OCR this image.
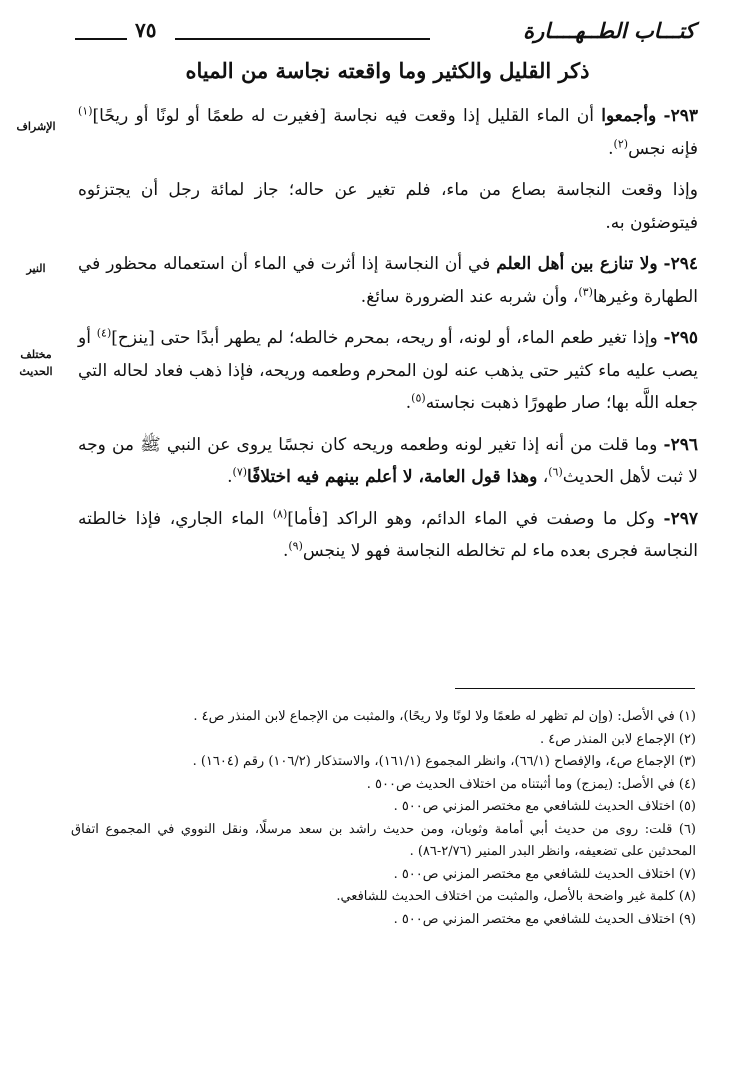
كتـــاب الطــهــــارة
٧٥
ذكر القليل والكثير وما واقعته نجاسة من المياه
الإشراف
النير
مختلف
الحديث

٢٩٣- وأجمعوا أن الماء القليل إذا وقعت فيه نجاسة [فغيرت له طعمًا أو لونًا أو ريحًا]$^{(١)}$ فإنه نجس$^{(٢)}$.

وإذا وقعت النجاسة بصاع من ماء، فلم تغير عن حاله؛ جاز لمائة رجل أن يجتزئوه فيتوضئون به.

٢٩٤- ولا تنازع بين أهل العلم في أن النجاسة إذا أثرت في الماء أن استعماله محظور في الطهارة وغيرها$^{(٣)}$، وأن شربه عند الضرورة سائغ.

٢٩٥- وإذا تغير طعم الماء، أو لونه، أو ريحه، بمحرم خالطه؛ لم يطهر أبدًا حتى [ينزح]$^{(٤)}$ أو يصب عليه ماء كثير حتى يذهب عنه لون المحرم وطعمه وريحه، فإذا ذهب فعاد لحاله التي جعله اللَّه بها؛ صار طهورًا ذهبت نجاسته$^{(٥)}$.

٢٩٦- وما قلت من أنه إذا تغير لونه وطعمه وريحه كان نجسًا يروى عن النبي ﷺ من وجه لا ثبت لأهل الحديث$^{(٦)}$، وهذا قول العامة، لا أعلم بينهم فيه اختلافًا$^{(٧)}$.

٢٩٧- وكل ما وصفت في الماء الدائم، وهو الراكد [فأما]$^{(٨)}$ الماء الجاري، فإذا خالطته النجاسة فجرى بعده ماء لم تخالطه النجاسة فهو لا ينجس$^{(٩)}$.

(١) في الأصل: (وإن لم تظهر له طعمًا ولا لونًا ولا ريحًا)، والمثبت من الإجماع لابن المنذر ص٤ .

(٢) الإجماع لابن المنذر ص٤ .

(٣) الإجماع ص٤، والإفصاح (٦٦/١)، وانظر المجموع (١٦١/١)، والاستذكار (١٠٦/٢) رقم (١٦٠٤) .

(٤) في الأصل: (يمزج) وما أثبتناه من اختلاف الحديث ص٥٠٠ .

(٥) اختلاف الحديث للشافعي مع مختصر المزني ص٥٠٠ .

(٦) قلت: روى من حديث أبي أمامة وثوبان، ومن حديث راشد بن سعد مرسلًا، ونقل النووي في المجموع اتفاق المحدثين على تضعيفه، وانظر البدر المنير (٢/٧٦-٨٦) .

(٧) اختلاف الحديث للشافعي مع مختصر المزني ص٥٠٠ .

(٨) كلمة غير واضحة بالأصل، والمثبت من اختلاف الحديث للشافعي.

(٩) اختلاف الحديث للشافعي مع مختصر المزني ص٥٠٠ .
